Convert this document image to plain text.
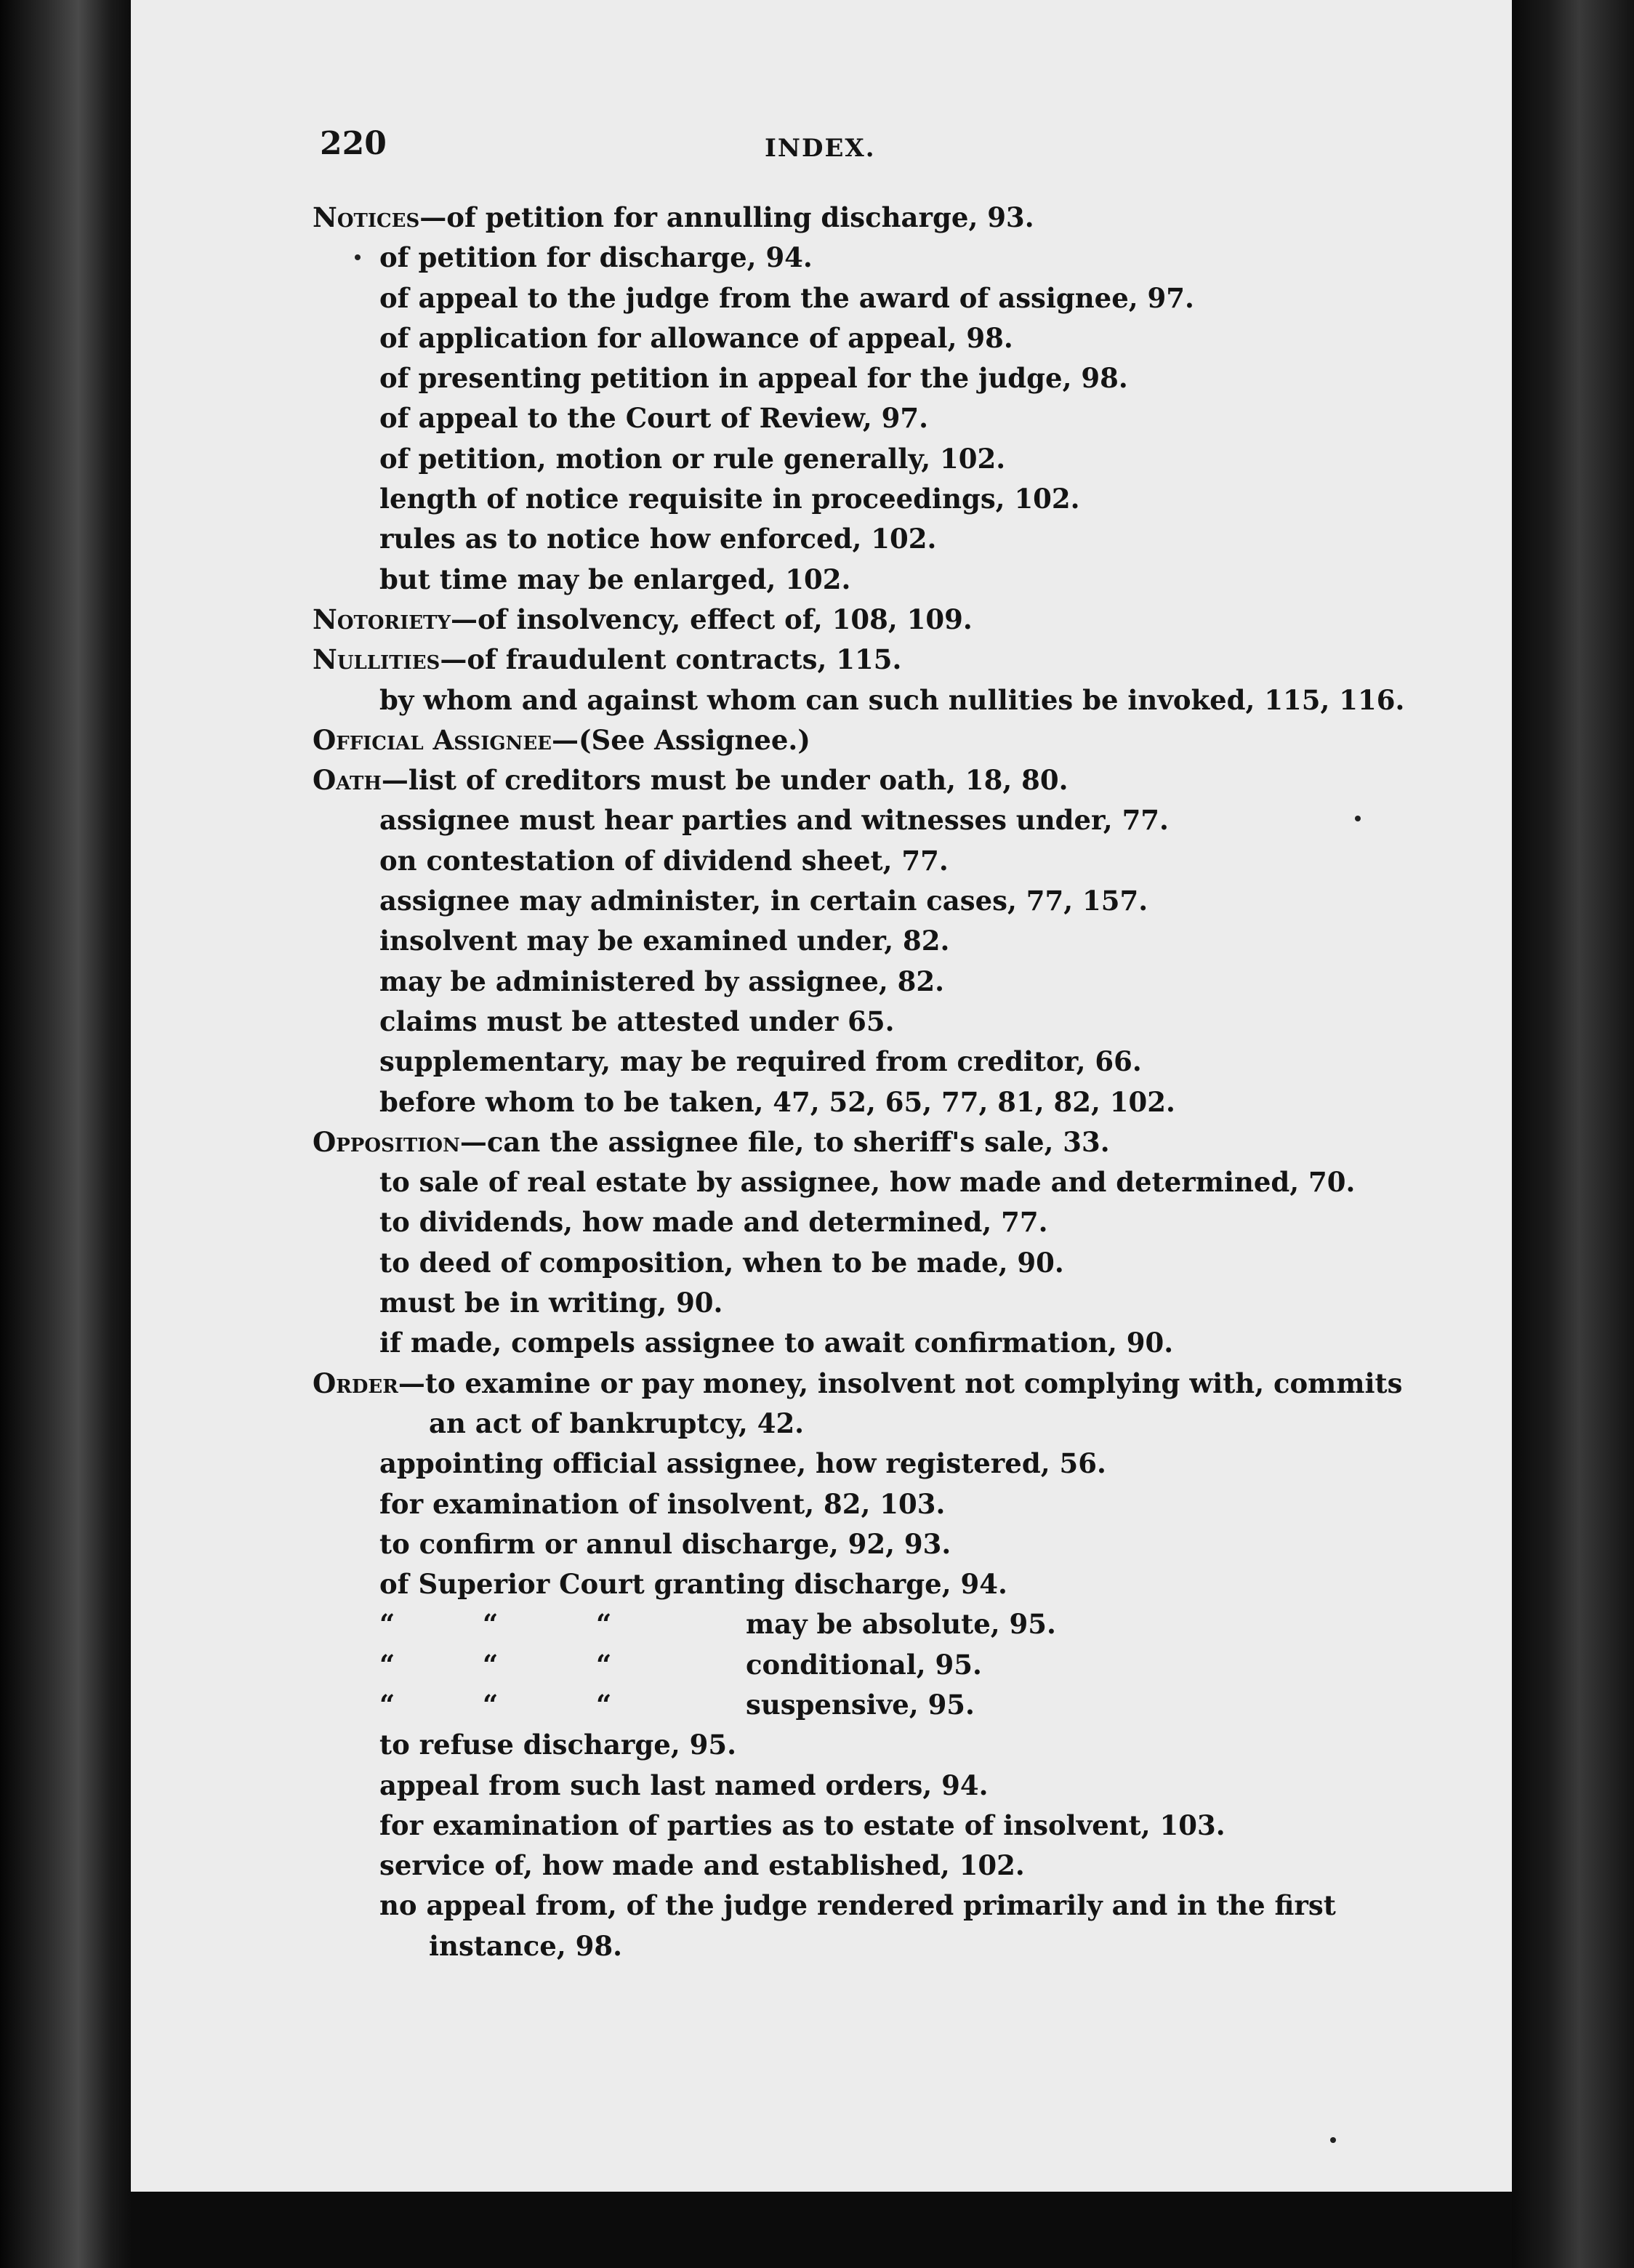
220	INDEX.
Notices—of petition for annulling discharge, 93.
of petition for discharge, 94.
of appeal to the judge from the award of assignee, 97.
of application for allowance of appeal, 98.
of presenting petition in appeal for the judge, 98.
of appeal to the Court of Review, 97.
of petition, motion or rule generally, 102.
length of notice requisite in proceedings, 102.
rules as to notice how enforced, 102.
but time may be enlarged, 102.
Notoriety—of insolvency, effect of, 108, 109.
Nullities—of fraudulent contracts, 115.
by whom and against whom can such nullities be invoked, 115, 116.
Official Assignee—(See Assignee.)
Oath—list of creditors must be under oath, 18, 80.
assignee must hear parties and witnesses under, 77.
on contestation of dividend sheet, 77.
assignee may administer, in certain cases, 77, 157.
insolvent may be examined under, 82.
may be administered by assignee, 82.
claims must be attested under 65.
supplementary, may be required from creditor, 66.
before whom to be taken, 47, 52, 65, 77, 81, 82, 102.
Opposition—can the assignee file, to sheriff's sale, 33.
to sale of real estate by assignee, how made and determined, 70.
to dividends, how made and determined, 77.
to deed of composition, when to be made, 90.
must be in writing, 90.
if made, compels assignee to await confirmation, 90.
Order—to examine or pay money, insolvent not complying with, commits
an act of bankruptcy, 42.
appointing official assignee, how registered, 56.
for examination of insolvent, 82, 103.
to confirm or annul discharge, 92, 93.
of Superior Court granting discharge, 94.
“	“	“	may be absolute, 95.
“	“	“	conditional, 95.
“	“	“	suspensive, 95.
to refuse discharge, 95.
appeal from such last named orders, 94.
for examination of parties as to estate of insolvent, 103.
service of, how made and established, 102.
no appeal from, of the judge rendered primarily and in the first
instance, 98.
